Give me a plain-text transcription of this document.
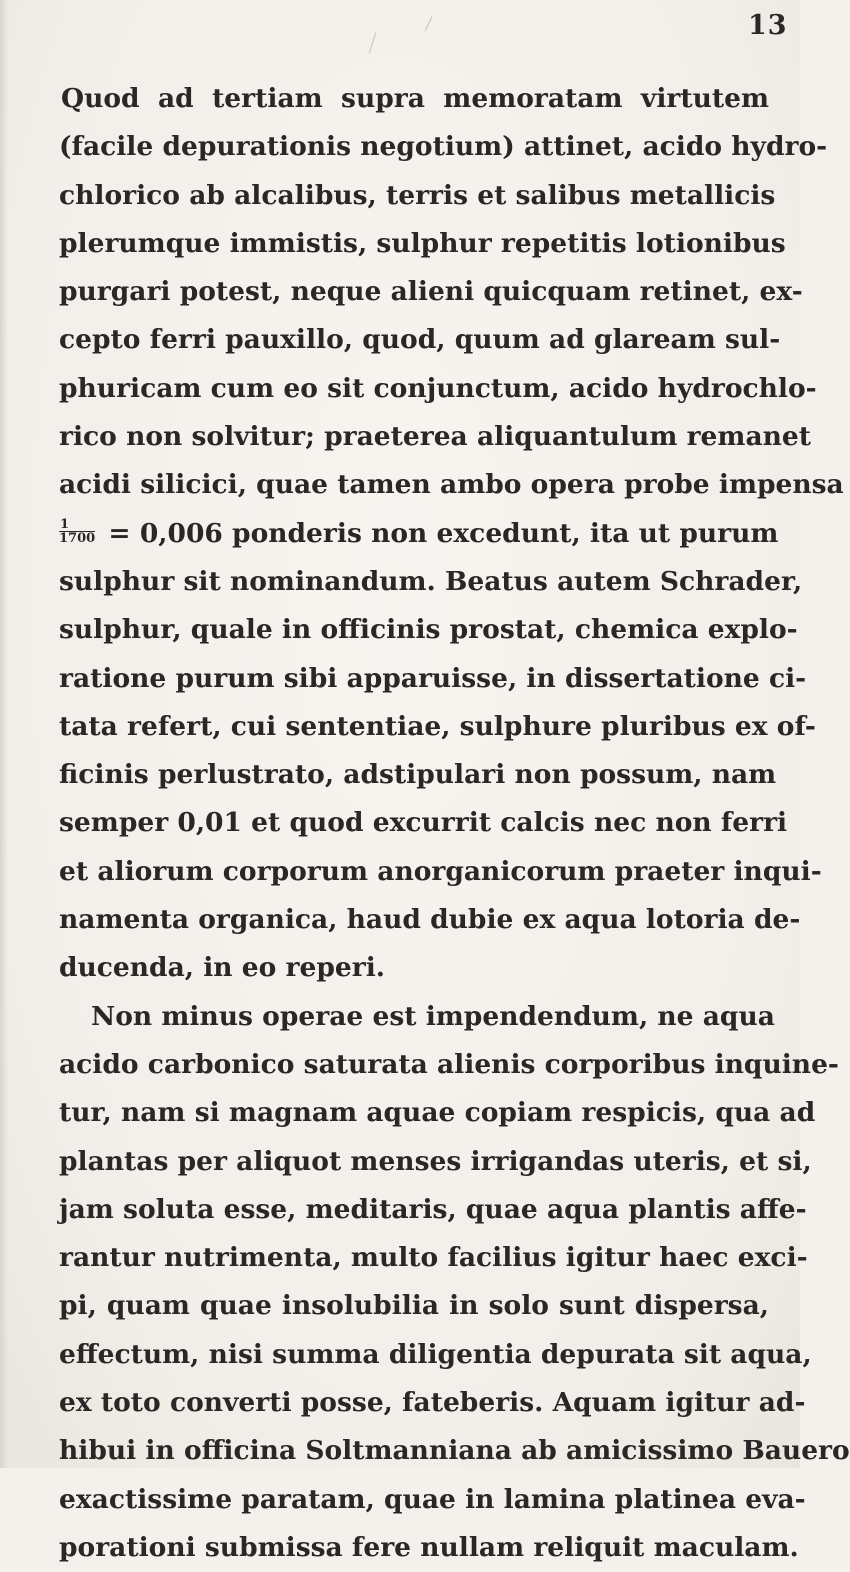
13
Quod ad tertiam supra memoratam virtutem
(facile depurationis negotium) attinet, acido hydro-
chlorico ab alcalibus, terris et salibus metallicis
plerumque immistis, sulphur repetitis lotionibus
purgari potest, neque alieni quicquam retinet, ex-
cepto ferri pauxillo, quod, quum ad glaream sul-
phuricam cum eo sit conjunctum, acido hydrochlo-
rico non solvitur; praeterea aliquantulum remanet
acidi silicici, quae tamen ambo opera probe impensa
$\frac{1}{1700} = 0,006$ ponderis non excedunt, ita ut purum
sulphur sit nominandum. Beatus autem Schrader,
sulphur, quale in officinis prostat, chemica explo-
ratione purum sibi apparuisse, in dissertatione ci-
tata refert, cui sententiae, sulphure pluribus ex of-
ficinis perlustrato, adstipulari non possum, nam
semper 0,01 et quod excurrit calcis nec non ferri
et aliorum corporum anorganicorum praeter inqui-
namenta organica, haud dubie ex aqua lotoria de-
ducenda, in eo reperi.
Non minus operae est impendendum, ne aqua
acido carbonico saturata alienis corporibus inquine-
tur, nam si magnam aquae copiam respicis, qua ad
plantas per aliquot menses irrigandas uteris, et si,
jam soluta esse, meditaris, quae aqua plantis affe-
rantur nutrimenta, multo facilius igitur haec exci-
pi, quam quae insolubilia in solo sunt dispersa,
effectum, nisi summa diligentia depurata sit aqua,
ex toto converti posse, fateberis. Aquam igitur ad-
hibui in officina Soltmanniana ab amicissimo Bauero
exactissime paratam, quae in lamina platinea eva-
porationi submissa fere nullam reliquit maculam.
